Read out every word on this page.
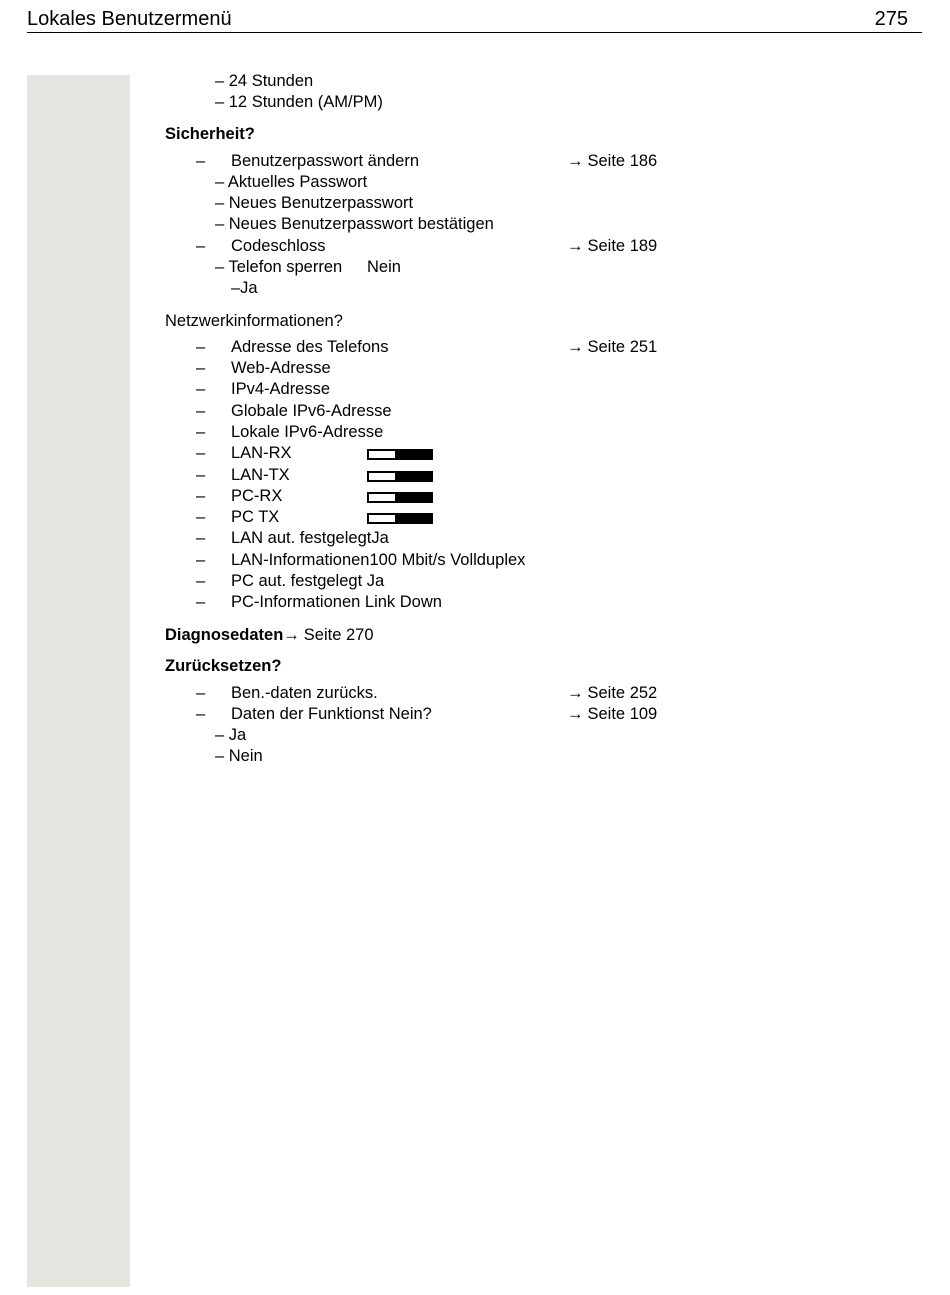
Lokales Benutzermenü	275
– 24 Stunden
– 12 Stunden (AM/PM)
Sicherheit?
– Benutzerpasswort ändern	→ Seite 186
– Aktuelles Passwort
– Neues Benutzerpasswort
– Neues Benutzerpasswort bestätigen
– Codeschloss	→ Seite 189
– Telefon sperren Nein
–Ja
Netzwerkinformationen?
– Adresse des Telefons	→ Seite 251
– Web-Adresse
– IPv4-Adresse
– Globale IPv6-Adresse
– Lokale IPv6-Adresse
– LAN-RX
– LAN-TX
– PC-RX
– PC TX
– LAN aut. festgelegtJa
– LAN-Informationen100 Mbit/s Vollduplex
– PC aut. festgelegt Ja
– PC-Informationen Link Down
Diagnosedaten→ Seite 270
Zurücksetzen?
– Ben.-daten zurücks.	→ Seite 252
– Daten der Funktionst Nein?	→ Seite 109
– Ja
– Nein
